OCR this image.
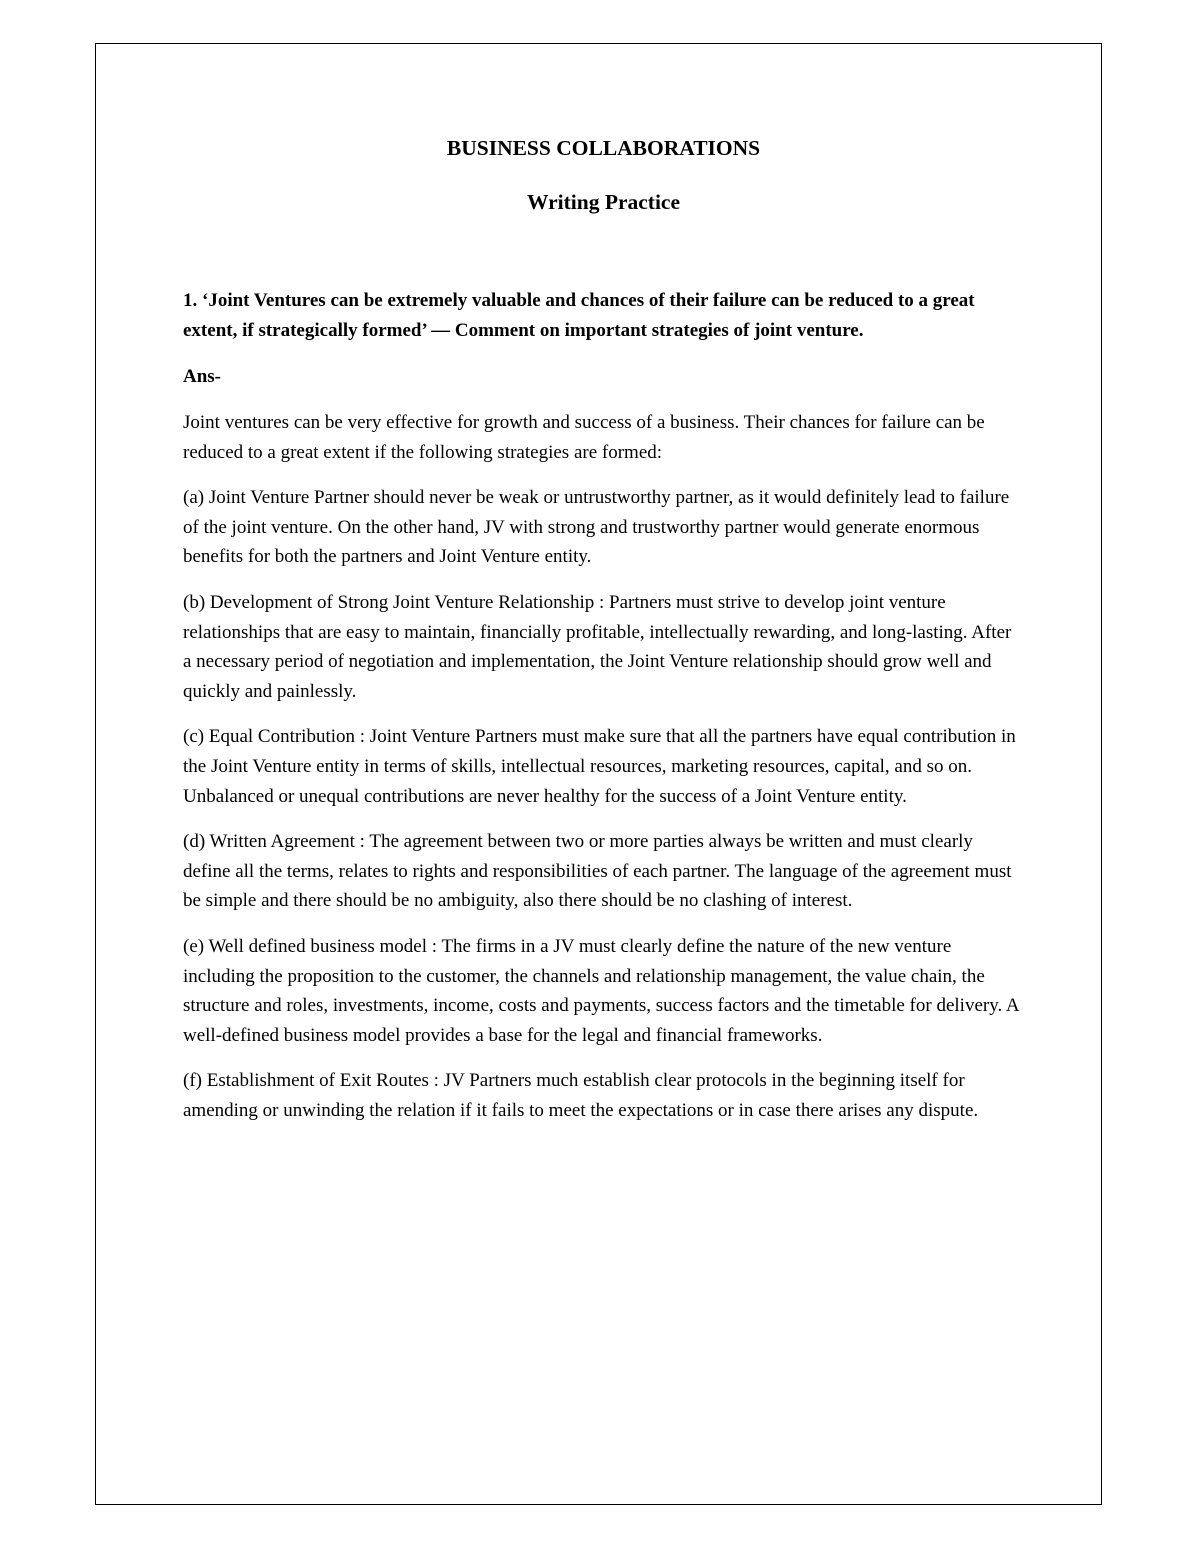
BUSINESS COLLABORATIONS
Writing Practice

1. ‘Joint Ventures can be extremely valuable and chances of their failure can be reduced to a great extent, if strategically formed’ — Comment on important strategies of joint venture.

Ans-

Joint ventures can be very effective for growth and success of a business. Their chances for failure can be reduced to a great extent if the following strategies are formed:

(a) Joint Venture Partner should never be weak or untrustworthy partner, as it would definitely lead to failure of the joint venture. On the other hand, JV with strong and trustworthy partner would generate enormous benefits for both the partners and Joint Venture entity.

(b) Development of Strong Joint Venture Relationship : Partners must strive to develop joint venture relationships that are easy to maintain, financially profitable, intellectually rewarding, and long-lasting. After a necessary period of negotiation and implementation, the Joint Venture relationship should grow well and quickly and painlessly.

(c) Equal Contribution : Joint Venture Partners must make sure that all the partners have equal contribution in the Joint Venture entity in terms of skills, intellectual resources, marketing resources, capital, and so on. Unbalanced or unequal contributions are never healthy for the success of a Joint Venture entity.

(d) Written Agreement : The agreement between two or more parties always be written and must clearly define all the terms, relates to rights and responsibilities of each partner. The language of the agreement must be simple and there should be no ambiguity, also there should be no clashing of interest.

(e) Well defined business model : The firms in a JV must clearly define the nature of the new venture including the proposition to the customer, the channels and relationship management, the value chain, the structure and roles, investments, income, costs and payments, success factors and the timetable for delivery. A well-defined business model provides a base for the legal and financial frameworks.

(f) Establishment of Exit Routes : JV Partners much establish clear protocols in the beginning itself for amending or unwinding the relation if it fails to meet the expectations or in case there arises any dispute.
